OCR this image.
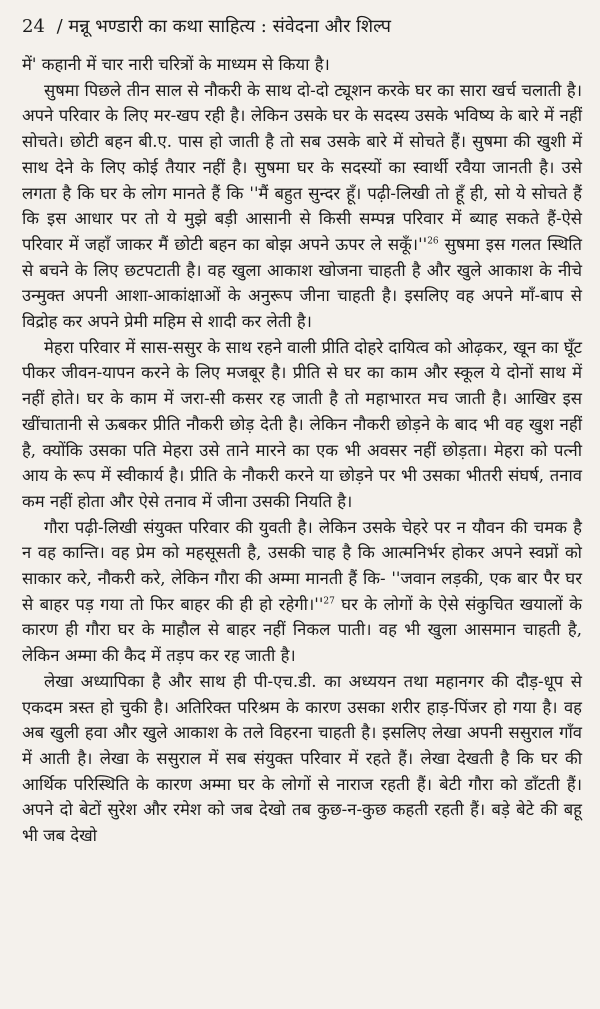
24 / मन्नू भण्डारी का कथा साहित्य : संवेदना और शिल्प

में' कहानी में चार नारी चरित्रों के माध्यम से किया है।

सुषमा पिछले तीन साल से नौकरी के साथ दो-दो ट्यूशन करके घर का सारा खर्च चलाती है। अपने परिवार के लिए मर-खप रही है। लेकिन उसके घर के सदस्य उसके भविष्य के बारे में नहीं सोचते। छोटी बहन बी.ए. पास हो जाती है तो सब उसके बारे में सोचते हैं। सुषमा की खुशी में साथ देने के लिए कोई तैयार नहीं है। सुषमा घर के सदस्यों का स्वार्थी रवैया जानती है। उसे लगता है कि घर के लोग मानते हैं कि ''मैं बहुत सुन्दर हूँ। पढ़ी-लिखी तो हूँ ही, सो ये सोचते हैं कि इस आधार पर तो ये मुझे बड़ी आसानी से किसी सम्पन्न परिवार में ब्याह सकते हैं-ऐसे परिवार में जहाँ जाकर मैं छोटी बहन का बोझ अपने ऊपर ले $सकूँ।''^{26}$ सुषमा इस गलत स्थिति से बचने के लिए छटपटाती है। वह खुला आकाश खोजना चाहती है और खुले आकाश के नीचे उन्मुक्त अपनी आशा-आकांक्षाओं के अनुरूप जीना चाहती है। इसलिए वह अपने माँ-बाप से विद्रोह कर अपने प्रेमी महिम से शादी कर लेती है।

मेहरा परिवार में सास-ससुर के साथ रहने वाली प्रीति दोहरे दायित्व को ओढ़कर, खून का घूँट पीकर जीवन-यापन करने के लिए मजबूर है। प्रीति से घर का काम और स्कूल ये दोनों साथ में नहीं होते। घर के काम में जरा-सी कसर रह जाती है तो महाभारत मच जाती है। आखिर इस खींचातानी से ऊबकर प्रीति नौकरी छोड़ देती है। लेकिन नौकरी छोड़ने के बाद भी वह खुश नहीं है, क्योंकि उसका पति मेहरा उसे ताने मारने का एक भी अवसर नहीं छोड़ता। मेहरा को पत्नी आय के रूप में स्वीकार्य है। प्रीति के नौकरी करने या छोड़ने पर भी उसका भीतरी संघर्ष, तनाव कम नहीं होता और ऐसे तनाव में जीना उसकी नियति है।

गौरा पढ़ी-लिखी संयुक्त परिवार की युवती है। लेकिन उसके चेहरे पर न यौवन की चमक है न वह कान्ति। वह प्रेम को महसूसती है, उसकी चाह है कि आत्मनिर्भर होकर अपने स्वप्नों को साकार करे, नौकरी करे, लेकिन गौरा की अम्मा मानती हैं कि- ''जवान लड़की, एक बार पैर घर से बाहर पड़ गया तो फिर बाहर की ही हो $रहेगी।''^{27}$ घर के लोगों के ऐसे संकुचित खयालों के कारण ही गौरा घर के माहौल से बाहर नहीं निकल पाती। वह भी खुला आसमान चाहती है, लेकिन अम्मा की कैद में तड़प कर रह जाती है।

लेखा अध्यापिका है और साथ ही पी-एच.डी. का अध्ययन तथा महानगर की दौड़-धूप से एकदम त्रस्त हो चुकी है। अतिरिक्त परिश्रम के कारण उसका शरीर हाड़-पिंजर हो गया है। वह अब खुली हवा और खुले आकाश के तले विहरना चाहती है। इसलिए लेखा अपनी ससुराल गाँव में आती है। लेखा के ससुराल में सब संयुक्त परिवार में रहते हैं। लेखा देखती है कि घर की आर्थिक परिस्थिति के कारण अम्मा घर के लोगों से नाराज रहती हैं। बेटी गौरा को डाँटती हैं। अपने दो बेटों सुरेश और रमेश को जब देखो तब कुछ-न-कुछ कहती रहती हैं। बड़े बेटे की बहू भी जब देखो
